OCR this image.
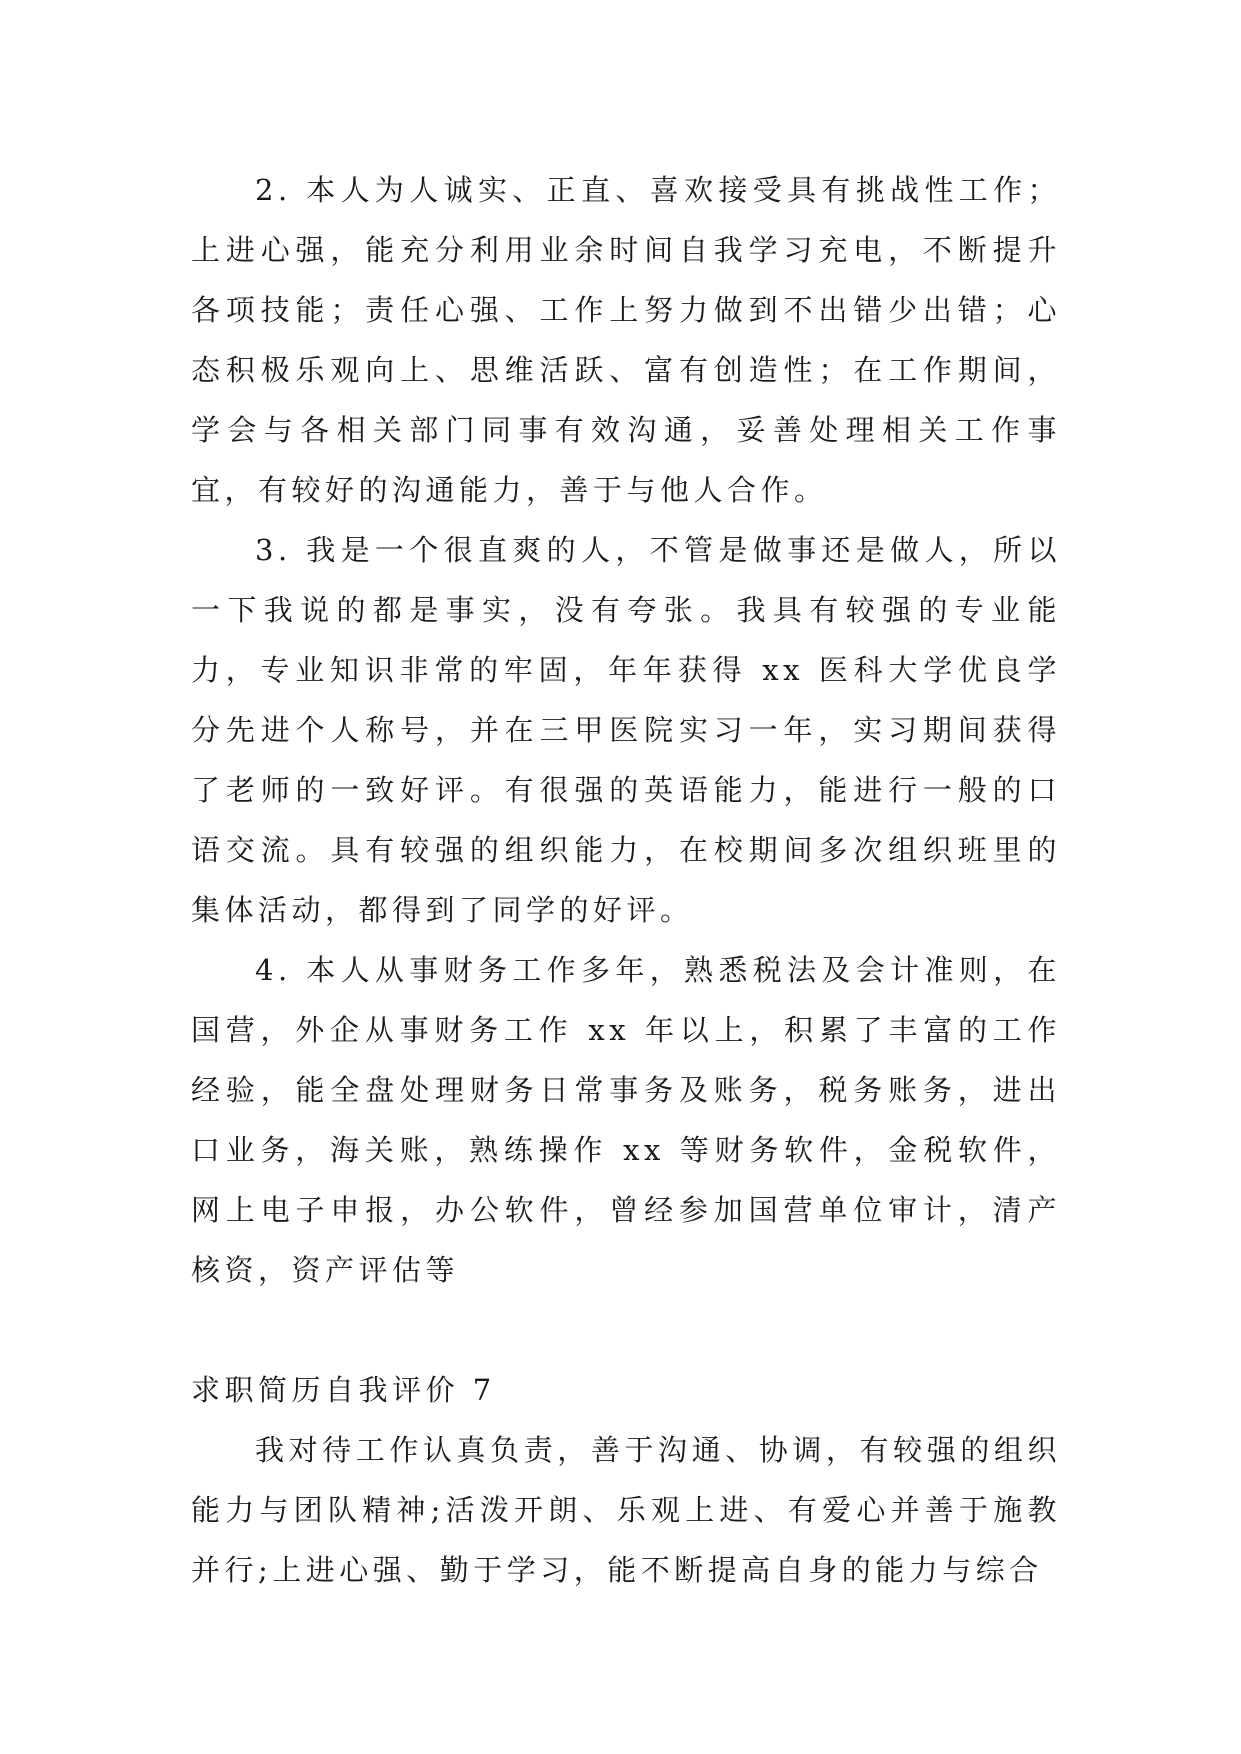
2. 本人为人诚实、正直、喜欢接受具有挑战性工作；上进心强，能充分利用业余时间自我学习充电，不断提升各项技能；责任心强、工作上努力做到不出错少出错；心态积极乐观向上、思维活跃、富有创造性；在工作期间，学会与各相关部门同事有效沟通，妥善处理相关工作事宜，有较好的沟通能力，善于与他人合作。

3. 我是一个很直爽的人，不管是做事还是做人，所以一下我说的都是事实，没有夸张。我具有较强的专业能力，专业知识非常的牢固，年年获得 xx 医科大学优良学分先进个人称号，并在三甲医院实习一年，实习期间获得了老师的一致好评。有很强的英语能力，能进行一般的口语交流。具有较强的组织能力，在校期间多次组织班里的集体活动，都得到了同学的好评。

4. 本人从事财务工作多年，熟悉税法及会计准则，在国营，外企从事财务工作 xx 年以上，积累了丰富的工作经验，能全盘处理财务日常事务及账务，税务账务，进出口业务，海关账，熟练操作 xx 等财务软件，金税软件，网上电子申报，办公软件，曾经参加国营单位审计，清产核资，资产评估等

求职简历自我评价 7

我对待工作认真负责，善于沟通、协调，有较强的组织能力与团队精神;活泼开朗、乐观上进、有爱心并善于施教并行;上进心强、勤于学习，能不断提高自身的能力与综合
